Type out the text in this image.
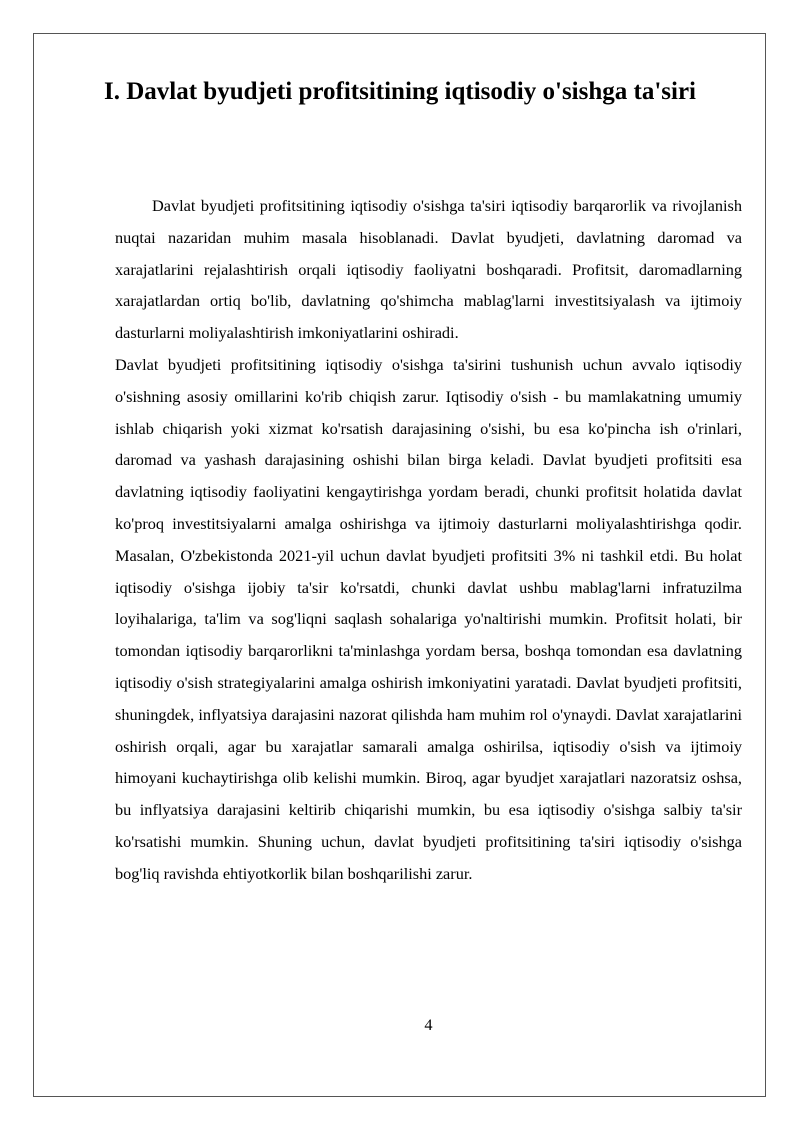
I. Davlat byudjeti profitsitining iqtisodiy o'sishga ta'siri

Davlat byudjeti profitsitining iqtisodiy o'sishga ta'siri iqtisodiy barqarorlik va rivojlanish nuqtai nazaridan muhim masala hisoblanadi. Davlat byudjeti, davlatning daromad va xarajatlarini rejalashtirish orqali iqtisodiy faoliyatni boshqaradi. Profitsit, daromadlarning xarajatlardan ortiq bo'lib, davlatning qo'shimcha mablag'larni investitsiyalash va ijtimoiy dasturlarni moliyalashtirish imkoniyatlarini oshiradi.

Davlat byudjeti profitsitining iqtisodiy o'sishga ta'sirini tushunish uchun avvalo iqtisodiy o'sishning asosiy omillarini ko'rib chiqish zarur. Iqtisodiy o'sish - bu mamlakatning umumiy ishlab chiqarish yoki xizmat ko'rsatish darajasining o'sishi, bu esa ko'pincha ish o'rinlari, daromad va yashash darajasining oshishi bilan birga keladi. Davlat byudjeti profitsiti esa davlatning iqtisodiy faoliyatini kengaytirishga yordam beradi, chunki profitsit holatida davlat ko'proq investitsiyalarni amalga oshirishga va ijtimoiy dasturlarni moliyalashtirishga qodir. Masalan, O'zbekistonda 2021-yil uchun davlat byudjeti profitsiti 3% ni tashkil etdi. Bu holat iqtisodiy o'sishga ijobiy ta'sir ko'rsatdi, chunki davlat ushbu mablag'larni infratuzilma loyihalariga, ta'lim va sog'liqni saqlash sohalariga yo'naltirishi mumkin. Profitsit holati, bir tomondan iqtisodiy barqarorlikni ta'minlashga yordam bersa, boshqa tomondan esa davlatning iqtisodiy o'sish strategiyalarini amalga oshirish imkoniyatini yaratadi. Davlat byudjeti profitsiti, shuningdek, inflyatsiya darajasini nazorat qilishda ham muhim rol o'ynaydi. Davlat xarajatlarini oshirish orqali, agar bu xarajatlar samarali amalga oshirilsa, iqtisodiy o'sish va ijtimoiy himoyani kuchaytirishga olib kelishi mumkin. Biroq, agar byudjet xarajatlari nazoratsiz oshsa, bu inflyatsiya darajasini keltirib chiqarishi mumkin, bu esa iqtisodiy o'sishga salbiy ta'sir ko'rsatishi mumkin. Shuning uchun, davlat byudjeti profitsitining ta'siri iqtisodiy o'sishga bog'liq ravishda ehtiyotkorlik bilan boshqarilishi zarur.

4
